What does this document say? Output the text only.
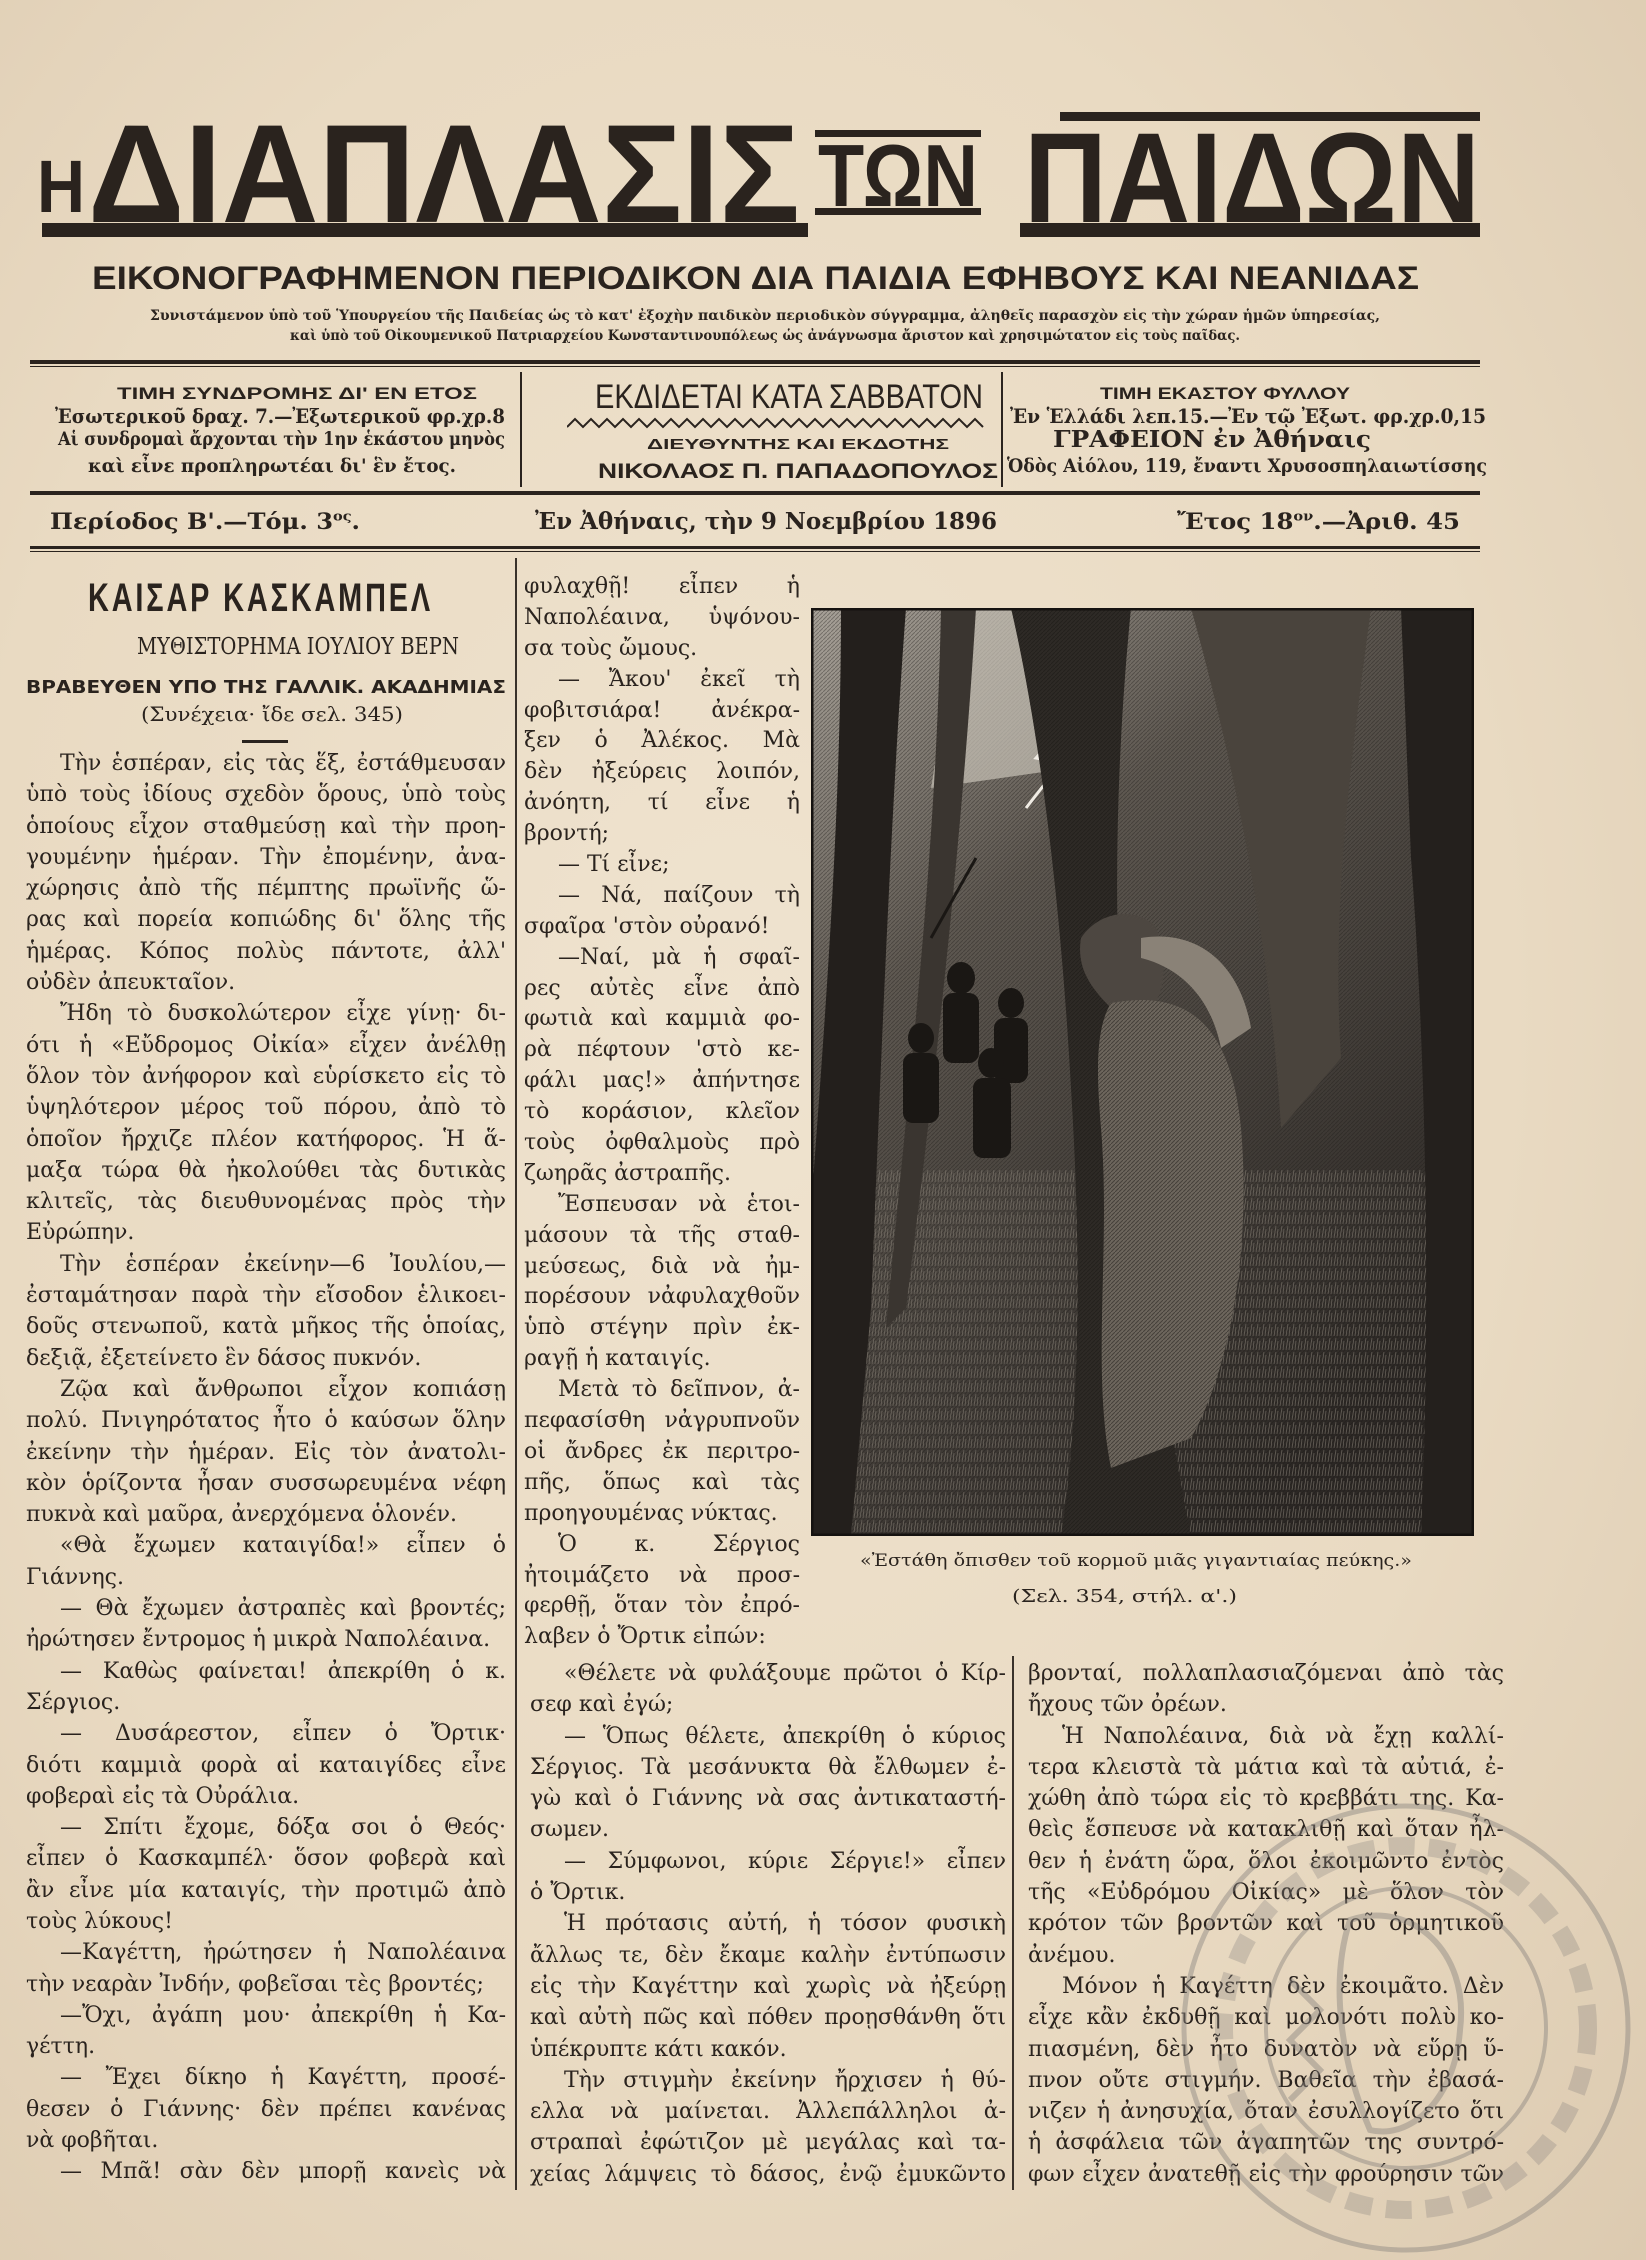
Η ΔΙΑΠΛΑΣΙΣ ΤΩΝ ΠΑΙΔΩΝ
ΕΙΚΟΝΟΓΡΑΦΗΜΕΝΟΝ ΠΕΡΙΟΔΙΚΟΝ ΔΙΑ ΠΑΙΔΙΑ ΕΦΗΒΟΥΣ ΚΑΙ ΝΕΑΝΙΔΑΣ
Συνιστάμενον ὑπὸ τοῦ Ὑπουργείου τῆς Παιδείας ὡς τὸ κατ' ἐξοχὴν παιδικὸν περιοδικὸν σύγγραμμα, ἀληθεῖς παρασχὸν εἰς τὴν χώραν ἡμῶν ὑπηρεσίας,
καὶ ὑπὸ τοῦ Οἰκουμενικοῦ Πατριαρχείου Κωνσταντινουπόλεως ὡς ἀνάγνωσμα ἄριστον καὶ χρησιμώτατον εἰς τοὺς παῖδας.
ΤΙΜΗ ΣΥΝΔΡΟΜΗΣ ΔΙ' ΕΝ ΕΤΟΣ
Ἐσωτερικοῦ δραχ. 7.—Ἐξωτερικοῦ φρ.χρ.8
Αἱ συνδρομαὶ ἄρχονται τὴν 1ην ἑκάστου μηνὸς
καὶ εἶνε προπληρωτέαι δι' ἓν ἔτος.
ΕΚΔΙΔΕΤΑΙ ΚΑΤΑ ΣΑΒΒΑΤΟΝ
ΔΙΕΥΘΥΝΤΗΣ ΚΑΙ ΕΚΔΟΤΗΣ
ΝΙΚΟΛΑΟΣ Π. ΠΑΠΑΔΟΠΟΥΛΟΣ
ΤΙΜΗ ΕΚΑΣΤΟΥ ΦΥΛΛΟΥ
Ἐν Ἑλλάδι λεπ.15.—Ἐν τῷ Ἐξωτ. φρ.χρ.0,15
ΓΡΑΦΕΙΟΝ ἐν Ἀθήναις
Ὁδὸς Αἰόλου, 119, ἔναντι Χρυσοσπηλαιωτίσσης
Περίοδος Β'.—Τόμ. $3^{o\varsigma}$.	Ἐν Ἀθήναις, τὴν 9 Νοεμβρίου 1896	Ἔτος $18^{o\nu}.—Ἀ\rho\iota\theta$. 45
ΚΑΙΣΑΡ ΚΑΣΚΑΜΠΕΛ
ΜΥΘΙΣΤΟΡΗΜΑ ΙΟΥΛΙΟΥ ΒΕΡΝ
ΒΡΑΒΕΥΘΕΝ ΥΠΟ ΤΗΣ ΓΑΛΛΙΚ. ΑΚΑΔΗΜΙΑΣ
(Συνέχεια· ἴδε σελ. 345)
Τὴν ἑσπέραν, εἰς τὰς ἕξ, ἐστάθμευσαν
ὑπὸ τοὺς ἰδίους σχεδὸν ὅρους, ὑπὸ τοὺς
ὁποίους εἶχον σταθμεύσῃ καὶ τὴν προη-
γουμένην ἡμέραν. Τὴν ἐπομένην, ἀνα-
χώρησις ἀπὸ τῆς πέμπτης πρωϊνῆς ὥ-
ρας καὶ πορεία κοπιώδης δι' ὅλης τῆς
ἡμέρας. Κόπος πολὺς πάντοτε, ἀλλ'
οὐδὲν ἀπευκταῖον.
Ἤδη τὸ δυσκολώτερον εἶχε γίνῃ· δι-
ότι ἡ «Εὔδρομος Οἰκία» εἶχεν ἀνέλθῃ
ὅλον τὸν ἀνήφορον καὶ εὑρίσκετο εἰς τὸ
ὑψηλότερον μέρος τοῦ πόρου, ἀπὸ τὸ
ὁποῖον ἤρχιζε πλέον κατήφορος. Ἡ ἅ-
μαξα τώρα θὰ ἠκολούθει τὰς δυτικὰς
κλιτεῖς, τὰς διευθυνομένας πρὸς τὴν
Εὐρώπην.
Τὴν ἑσπέραν ἐκείνην—6 Ἰουλίου,—
ἐσταμάτησαν παρὰ τὴν εἴσοδον ἑλικοει-
δοῦς στενωποῦ, κατὰ μῆκος τῆς ὁποίας,
δεξιᾷ, ἐξετείνετο ἓν δάσος πυκνόν.
Ζῷα καὶ ἄνθρωποι εἶχον κοπιάσῃ
πολύ. Πνιγηρότατος ἦτο ὁ καύσων ὅλην
ἐκείνην τὴν ἡμέραν. Εἰς τὸν ἀνατολι-
κὸν ὁρίζοντα ἦσαν συσσωρευμένα νέφη
πυκνὰ καὶ μαῦρα, ἀνερχόμενα ὁλονέν.
«Θὰ ἔχωμεν καταιγίδα!» εἶπεν ὁ
Γιάννης.
— Θὰ ἔχωμεν ἀστραπὲς καὶ βροντές;
ἠρώτησεν ἔντρομος ἡ μικρὰ Ναπολέαινα.
— Καθὼς φαίνεται! ἀπεκρίθη ὁ κ.
Σέργιος.
— Δυσάρεστον, εἶπεν ὁ Ὄρτικ·
διότι καμμιὰ φορὰ αἱ καταιγίδες εἶνε
φοβεραὶ εἰς τὰ Οὐράλια.
— Σπίτι ἔχομε, δόξα σοι ὁ Θεός·
εἶπεν ὁ Κασκαμπέλ· ὅσον φοβερὰ καὶ
ἂν εἶνε μία καταιγίς, τὴν προτιμῶ ἀπὸ
τοὺς λύκους!
—Καγέττη, ἠρώτησεν ἡ Ναπολέαινα
τὴν νεαρὰν Ἰνδήν, φοβεῖσαι τὲς βροντές;
—Ὄχι, ἀγάπη μου· ἀπεκρίθη ἡ Κα-
γέττη.
— Ἔχει δίκηο ἡ Καγέττη, προσέ-
θεσεν ὁ Γιάννης· δὲν πρέπει κανένας
νὰ φοβῆται.
— Μπᾶ! σὰν δὲν μπορῇ κανεὶς νὰ
φυλαχθῇ! εἶπεν ἡ
Ναπολέαινα, ὑψόνου-
σα τοὺς ὤμους.
— Ἄκου' ἐκεῖ τὴ
φοβιτσιάρα! ἀνέκρα-
ξεν ὁ Ἀλέκος. Μὰ
δὲν ἠξεύρεις λοιπόν,
ἀνόητη, τί εἶνε ἡ
βροντή;
— Τί εἶνε;
— Νά, παίζουν τὴ
σφαῖρα 'στὸν οὐρανό!
—Ναί, μὰ ἡ σφαῖ-
ρες αὐτὲς εἶνε ἀπὸ
φωτιὰ καὶ καμμιὰ φο-
ρὰ πέφτουν 'στὸ κε-
φάλι μας!» ἀπήντησε
τὸ κοράσιον, κλεῖον
τοὺς ὀφθαλμοὺς πρὸ
ζωηρᾶς ἀστραπῆς.
Ἔσπευσαν νὰ ἑτοι-
μάσουν τὰ τῆς σταθ-
μεύσεως, διὰ νὰ ἠμ-
πορέσουν νἀφυλαχθοῦν
ὑπὸ στέγην πρὶν ἐκ-
ραγῇ ἡ καταιγίς.
Μετὰ τὸ δεῖπνον, ἀ-
πεφασίσθη νἀγρυπνοῦν
οἱ ἄνδρες ἐκ περιτρο-
πῆς, ὅπως καὶ τὰς
προηγουμένας νύκτας.
Ὁ κ. Σέργιος
ἠτοιμάζετο νὰ προσ-
φερθῇ, ὅταν τὸν ἐπρό-
λαβεν ὁ Ὄρτικ εἰπών:
«Θέλετε νὰ φυλάξουμε πρῶτοι ὁ Κίρ-
σεφ καὶ ἐγώ;
— Ὅπως θέλετε, ἀπεκρίθη ὁ κύριος
Σέργιος. Τὰ μεσάνυκτα θὰ ἔλθωμεν ἐ-
γὼ καὶ ὁ Γιάννης νὰ σας ἀντικαταστή-
σωμεν.
— Σύμφωνοι, κύριε Σέργιε!» εἶπεν
ὁ Ὄρτικ.
Ἡ πρότασις αὐτή, ἡ τόσον φυσικὴ
ἄλλως τε, δὲν ἔκαμε καλὴν ἐντύπωσιν
εἰς τὴν Καγέττην καὶ χωρὶς νὰ ἠξεύρῃ
καὶ αὐτὴ πῶς καὶ πόθεν προῃσθάνθη ὅτι
ὑπέκρυπτε κάτι κακόν.
Τὴν στιγμὴν ἐκείνην ἤρχισεν ἡ θύ-
ελλα νὰ μαίνεται. Ἀλλεπάλληλοι ἀ-
στραπαὶ ἐφώτιζον μὲ μεγάλας καὶ τα-
χείας λάμψεις τὸ δάσος, ἐνῷ ἐμυκῶντο
βρονταί, πολλαπλασιαζόμεναι ἀπὸ τὰς
ἤχους τῶν ὀρέων.
Ἡ Ναπολέαινα, διὰ νὰ ἔχῃ καλλί-
τερα κλειστὰ τὰ μάτια καὶ τὰ αὐτιά, ἐ-
χώθη ἀπὸ τώρα εἰς τὸ κρεββάτι της. Κα-
θεὶς ἔσπευσε νὰ κατακλιθῇ καὶ ὅταν ἦλ-
θεν ἡ ἐνάτη ὥρα, ὅλοι ἐκοιμῶντο ἐντὸς
τῆς «Εὐδρόμου Οἰκίας» μὲ ὅλον τὸν
κρότον τῶν βροντῶν καὶ τοῦ ὁρμητικοῦ
ἀνέμου.
Μόνον ἡ Καγέττη δὲν ἐκοιμᾶτο. Δὲν
εἶχε κἂν ἐκδυθῇ καὶ μολονότι πολὺ κο-
πιασμένη, δὲν ἦτο δυνατὸν νὰ εὕρῃ ὕ-
πνον οὔτε στιγμήν. Βαθεῖα τὴν ἐβασά-
νιζεν ἡ ἀνησυχία, ὅταν ἐσυλλογίζετο ὅτι
ἡ ἀσφάλεια τῶν ἀγαπητῶν της συντρό-
φων εἶχεν ἀνατεθῇ εἰς τὴν φρούρησιν τῶν
«Ἐστάθη ὄπισθεν τοῦ κορμοῦ μιᾶς γιγαντιαίας πεύκης.»
(Σελ. 354, στήλ. α'.)
